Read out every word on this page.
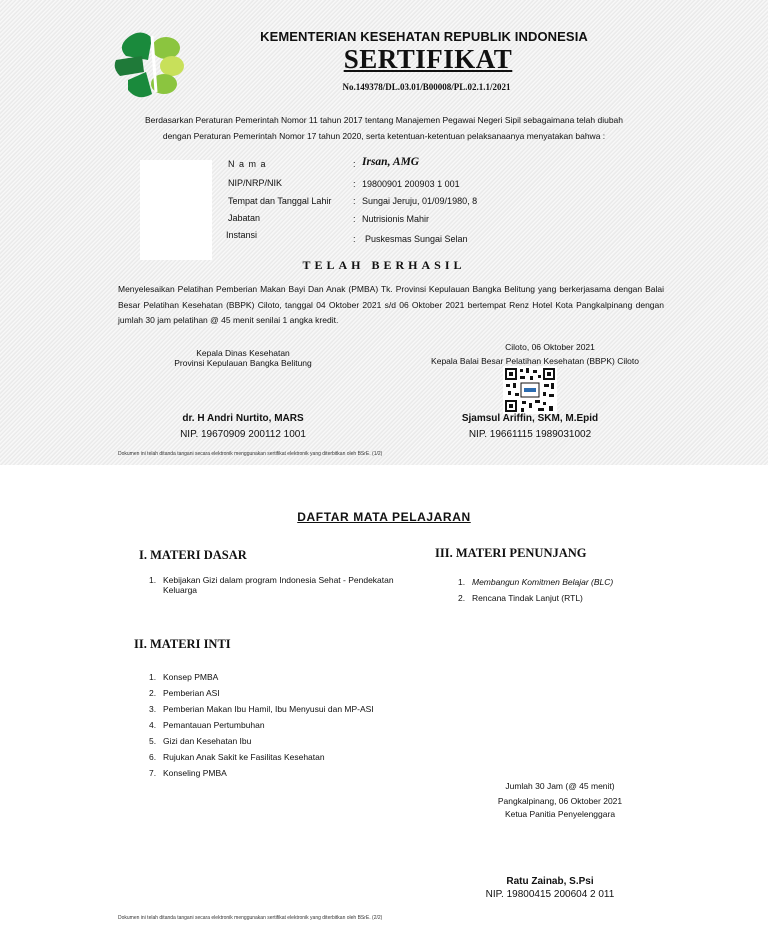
KEMENTERIAN KESEHATAN REPUBLIK INDONESIA
SERTIFIKAT
No.149378/DL.03.01/B00008/PL.02.1.1/2021
Berdasarkan Peraturan Pemerintah Nomor 11 tahun 2017 tentang Manajemen Pegawai Negeri Sipil sebagaimana telah diubah
dengan Peraturan Pemerintah Nomor 17 tahun 2020, serta ketentuan-ketentuan pelaksanaanya menyatakan bahwa :
N a m a	: Irsan, AMG
NIP/NRP/NIK	: 19800901 200903 1 001
Tempat dan Tanggal Lahir : Sungai Jeruju, 01/09/1980, 8
Jabatan	: Nutrisionis Mahir
Instansi	: Puskesmas Sungai Selan
TELAH BERHASIL
Menyelesaikan Pelatihan Pemberian Makan Bayi Dan Anak (PMBA) Tk. Provinsi Kepulauan Bangka Belitung yang berkerjasama dengan Balai Besar Pelatihan Kesehatan (BBPK) Ciloto, tanggal 04 Oktober 2021 s/d 06 Oktober 2021 bertempat Renz Hotel Kota Pangkalpinang dengan jumlah 30 jam pelatihan @ 45 menit senilai 1 angka kredit.
Kepala Dinas Kesehatan
Provinsi Kepulauan Bangka Belitung
Ciloto, 06 Oktober 2021
Kepala Balai Besar Pelatihan Kesehatan (BBPK) Ciloto
dr. H Andri Nurtito, MARS
NIP. 19670909 200112 1001
Sjamsul Ariffin, SKM, M.Epid
NIP. 19661115 1989031002
Dokumen ini telah ditanda tangani secara elektronik menggunakan sertifikat elektronik yang diterbitkan oleh BSrE. (1/2)
DAFTAR MATA PELAJARAN
I. MATERI DASAR
1. Kebijakan Gizi dalam program Indonesia Sehat - Pendekatan Keluarga
III. MATERI PENUNJANG
1. Membangun Komitmen Belajar (BLC)
2. Rencana Tindak Lanjut (RTL)
II. MATERI INTI
1. Konsep PMBA
2. Pemberian ASI
3. Pemberian Makan Ibu Hamil, Ibu Menyusui dan MP-ASI
4. Pemantauan Pertumbuhan
5. Gizi dan Kesehatan Ibu
6. Rujukan Anak Sakit ke Fasilitas Kesehatan
7. Konseling PMBA
Jumlah 30 Jam (@ 45 menit)
Pangkalpinang, 06 Oktober 2021
Ketua Panitia Penyelenggara
Ratu Zainab, S.Psi
NIP. 19800415 200604 2 011
Dokumen ini telah ditanda tangani secara elektronik menggunakan sertifikat elektronik yang diterbitkan oleh BSrE. (2/2)
